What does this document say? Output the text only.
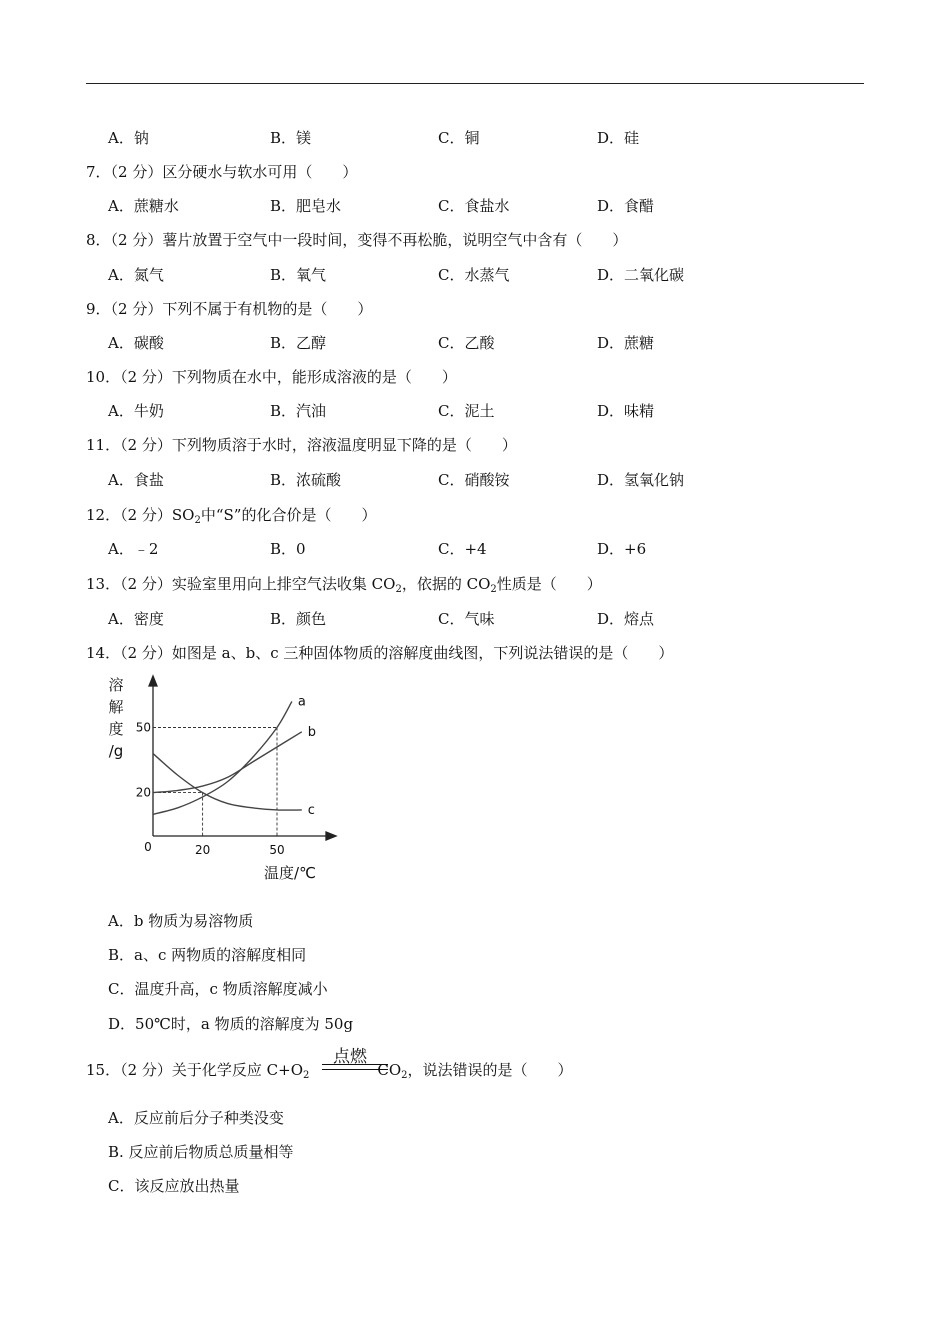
A．钠	B．镁	C．铜	D．硅
7．（2 分）区分硬水与软水可用（　　）
A．蔗糖水	B．肥皂水	C．食盐水	D．食醋
8．（2 分）薯片放置于空气中一段时间，变得不再松脆，说明空气中含有（　　）
A．氮气	B．氧气	C．水蒸气	D．二氧化碳
9．（2 分）下列不属于有机物的是（　　）
A．碳酸	B．乙醇	C．乙酸	D．蔗糖
10．（2 分）下列物质在水中，能形成溶液的是（　　）
A．牛奶	B．汽油	C．泥土	D．味精
11．（2 分）下列物质溶于水时，溶液温度明显下降的是（　　）
A．食盐	B．浓硫酸	C．硝酸铵	D．氢氧化钠
12．（2 分）$SO_2$中“S”的化合价是（　　）
A．﹣2	B．0	C．+4	D．+6
13．（2 分）实验室里用向上排空气法收集 $CO_2$，依据的 $CO_2$性质是（　　）
A．密度	B．颜色	C．气味	D．熔点
14．（2 分）如图是 a、b、c 三种固体物质的溶解度曲线图，下列说法错误的是（　　）
溶
解
度
/g
温度/℃
0	20	50
20
50
a
b
c
A．b 物质为易溶物质
B．a、c 两物质的溶解度相同
C．温度升高，c 物质溶解度减小
D．50℃时，a 物质的溶解度为 50g
点燃
15．（2 分）关于化学反应 $C+O_2$	$CO_2$，说法错误的是（　　）
A．反应前后分子种类没变
B. 反应前后物质总质量相等
C．该反应放出热量
